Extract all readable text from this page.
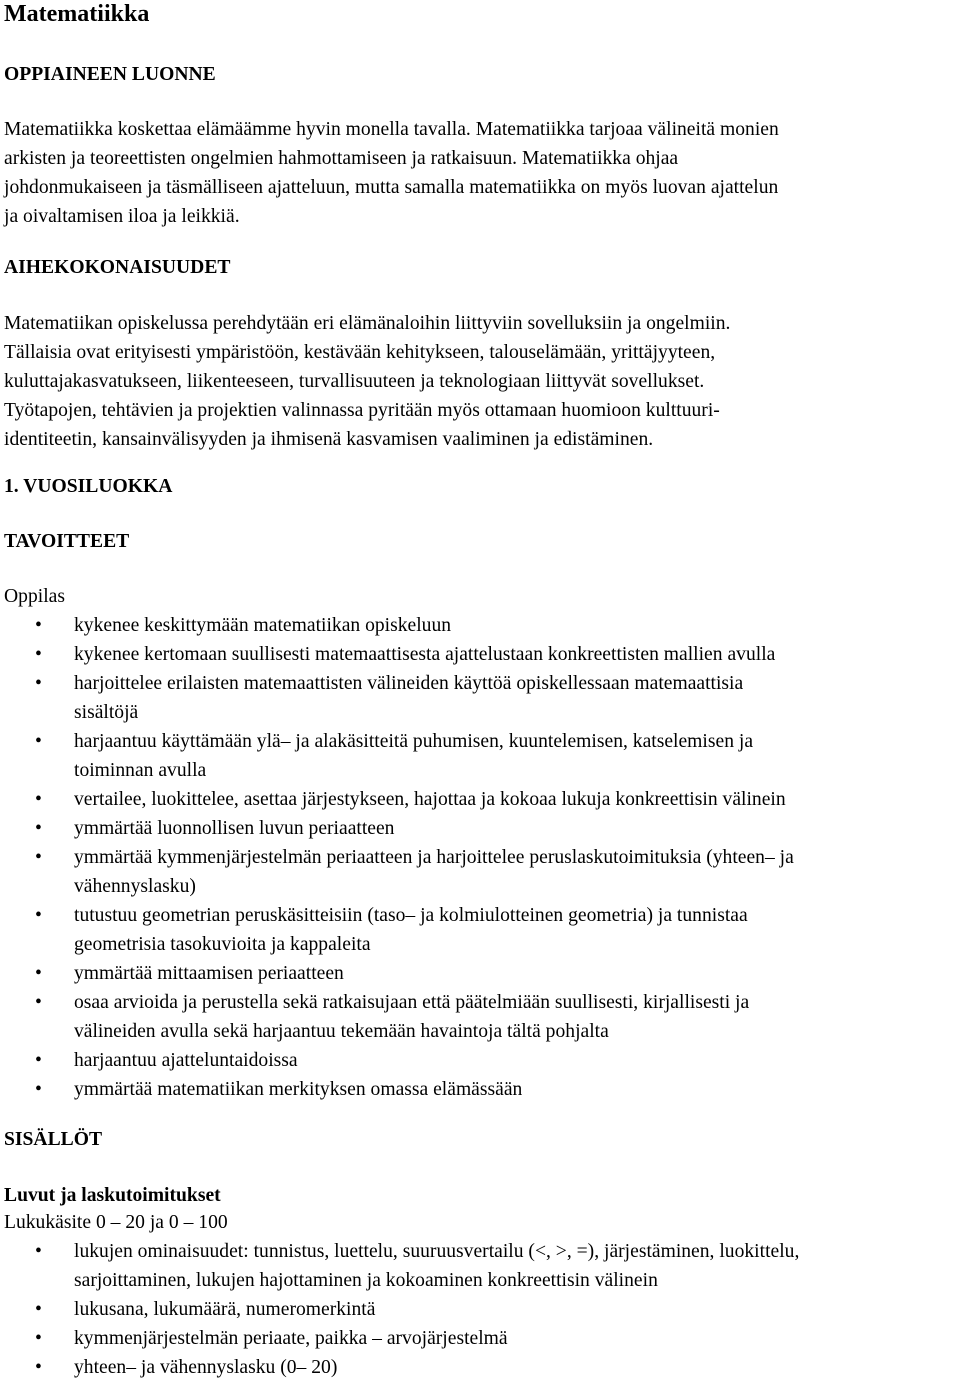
Matematiikka
OPPIAINEEN LUONNE
Matematiikka koskettaa elämäämme hyvin monella tavalla. Matematiikka tarjoaa välineitä monien
arkisten ja teoreettisten ongelmien hahmottamiseen ja ratkaisuun. Matematiikka ohjaa
johdonmukaiseen ja täsmälliseen ajatteluun, mutta samalla matematiikka on myös luovan ajattelun
ja oivaltamisen iloa ja leikkiä.
AIHEKOKONAISUUDET
Matematiikan opiskelussa perehdytään eri elämänaloihin liittyviin sovelluksiin ja ongelmiin.
Tällaisia ovat erityisesti ympäristöön, kestävään kehitykseen, talouselämään, yrittäjyyteen,
kuluttajakasvatukseen, liikenteeseen, turvallisuuteen ja teknologiaan liittyvät sovellukset.
Työtapojen, tehtävien ja projektien valinnassa pyritään myös ottamaan huomioon kulttuuri-
identiteetin, kansainvälisyyden ja ihmisenä kasvamisen vaaliminen ja edistäminen.
1. VUOSILUOKKA
TAVOITTEET
Oppilas
• kykenee keskittymään matematiikan opiskeluun
• kykenee kertomaan suullisesti matemaattisesta ajattelustaan konkreettisten mallien avulla
• harjoittelee erilaisten matemaattisten välineiden käyttöä opiskellessaan matemaattisia
sisältöjä
• harjaantuu käyttämään ylä– ja alakäsitteitä puhumisen, kuuntelemisen, katselemisen ja
toiminnan avulla
• vertailee, luokittelee, asettaa järjestykseen, hajottaa ja kokoaa lukuja konkreettisin välinein
• ymmärtää luonnollisen luvun periaatteen
• ymmärtää kymmenjärjestelmän periaatteen ja harjoittelee peruslaskutoimituksia (yhteen– ja
vähennyslasku)
• tutustuu geometrian peruskäsitteisiin (taso– ja kolmiulotteinen geometria) ja tunnistaa
geometrisia tasokuvioita ja kappaleita
• ymmärtää mittaamisen periaatteen
• osaa arvioida ja perustella sekä ratkaisujaan että päätelmiään suullisesti, kirjallisesti ja
välineiden avulla sekä harjaantuu tekemään havaintoja tältä pohjalta
• harjaantuu ajatteluntaidoissa
• ymmärtää matematiikan merkityksen omassa elämässään
SISÄLLÖT
Luvut ja laskutoimitukset
Lukukäsite 0 – 20 ja 0 – 100
• lukujen ominaisuudet: tunnistus, luettelu, suuruusvertailu (<, >, =), järjestäminen, luokittelu,
sarjoittaminen, lukujen hajottaminen ja kokoaminen konkreettisin välinein
• lukusana, lukumäärä, numeromerkintä
• kymmenjärjestelmän periaate, paikka – arvojärjestelmä
• yhteen– ja vähennyslasku (0– 20)
